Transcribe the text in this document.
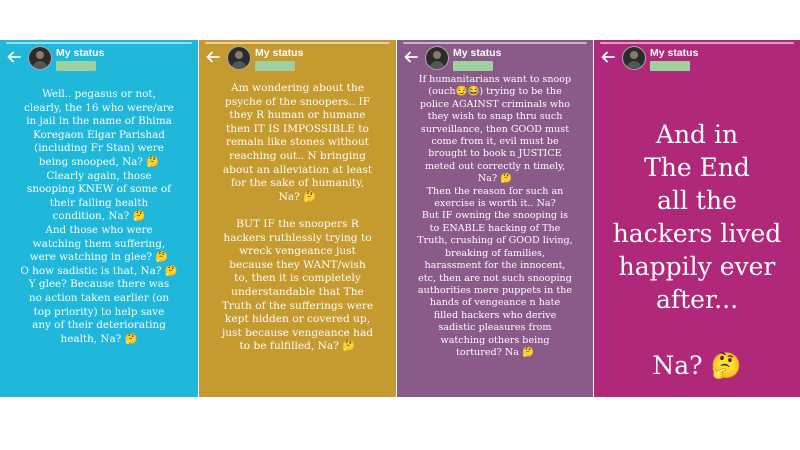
My status
Well.. pegasus or not,
clearly, the 16 who were/are
in jail in the name of Bhima
Koregaon Elgar Parishad
(including Fr Stan) were
being snooped, Na? 🤔
Clearly again, those
snooping KNEW of some of
their failing health
condition, Na? 🤔
And those who were
watching them suffering,
were watching in glee? 🤔
O how sadistic is that, Na? 🤔
Y glee? Because there was
no action taken earlier (on
top priority) to help save
any of their deteriorating
health, Na? 🤔
My status
Am wondering about the
psyche of the snoopers.. IF
they R human or humane
then IT IS IMPOSSIBLE to
remain like stones without
reaching out.. N bringing
about an alleviation at least
for the sake of humanity,
Na? 🤔

BUT IF the snoopers R
hackers ruthlessly trying to
wreck vengeance just
because they WANT/wish
to, then it is completely
understandable that The
Truth of the sufferings were
kept hidden or covered up,
just because vengeance had
to be fulfilled, Na? 🤔
My status
If humanitarians want to snoop
(ouch😏😂) trying to be the
police AGAINST criminals who
they wish to snap thru such
surveillance, then GOOD must
come from it, evil must be
brought to book n JUSTICE
meted out correctly n timely,
Na? 🤔
Then the reason for such an
exercise is worth it.. Na?
But IF owning the snooping is
to ENABLE hacking of The
Truth, crushing of GOOD living,
breaking of families,
harassment for the innocent,
etc, then are not such snooping
authorities mere puppets in the
hands of vengeance n hate
filled hackers who derive
sadistic pleasures from
watching others being
tortured? Na 🤔
My status
And in
The End
all the
hackers lived
happily ever
after...

Na? 🤔
